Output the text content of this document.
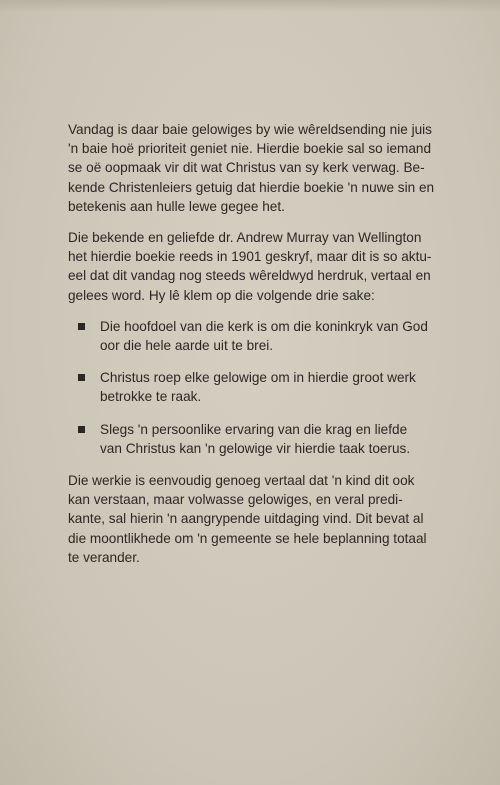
Vandag is daar baie gelowiges by wie wêreldsending nie juis
'n baie hoë prioriteit geniet nie. Hierdie boekie sal so iemand
se oë oopmaak vir dit wat Christus van sy kerk verwag. Be-
kende Christenleiers getuig dat hierdie boekie 'n nuwe sin en
betekenis aan hulle lewe gegee het.

Die bekende en geliefde dr. Andrew Murray van Wellington
het hierdie boekie reeds in 1901 geskryf, maar dit is so aktu-
eel dat dit vandag nog steeds wêreldwyd herdruk, vertaal en
gelees word. Hy lê klem op die volgende drie sake:

Die hoofdoel van die kerk is om die koninkryk van God
oor die hele aarde uit te brei.
Christus roep elke gelowige om in hierdie groot werk
betrokke te raak.
Slegs 'n persoonlike ervaring van die krag en liefde
van Christus kan 'n gelowige vir hierdie taak toerus.

Die werkie is eenvoudig genoeg vertaal dat 'n kind dit ook
kan verstaan, maar volwasse gelowiges, en veral predi-
kante, sal hierin 'n aangrypende uitdaging vind. Dit bevat al
die moontlikhede om 'n gemeente se hele beplanning totaal
te verander.
